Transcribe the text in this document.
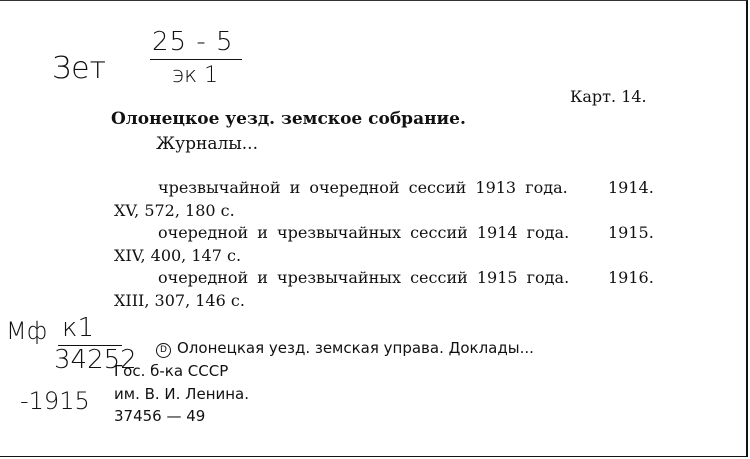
Зет
25 - 5
эк 1
Карт. 14.
Олонецкое уезд. земское собрание.
Журналы...
чрезвычайной и очередной сессий 1913 года.	1914.
XV, 572, 180 с.
очередной и чрезвычайных сессий 1914 года. 1915.
XIV, 400, 147 с.
очередной и чрезвычайных сессий 1915 года. 1916.
XIII, 307, 146 с.
Мф к1
34252
-1915
D Олонецкая уезд. земская управа. Доклады...
Гос. б-ка СССР
им. В. И. Ленина.
37456 — 49
